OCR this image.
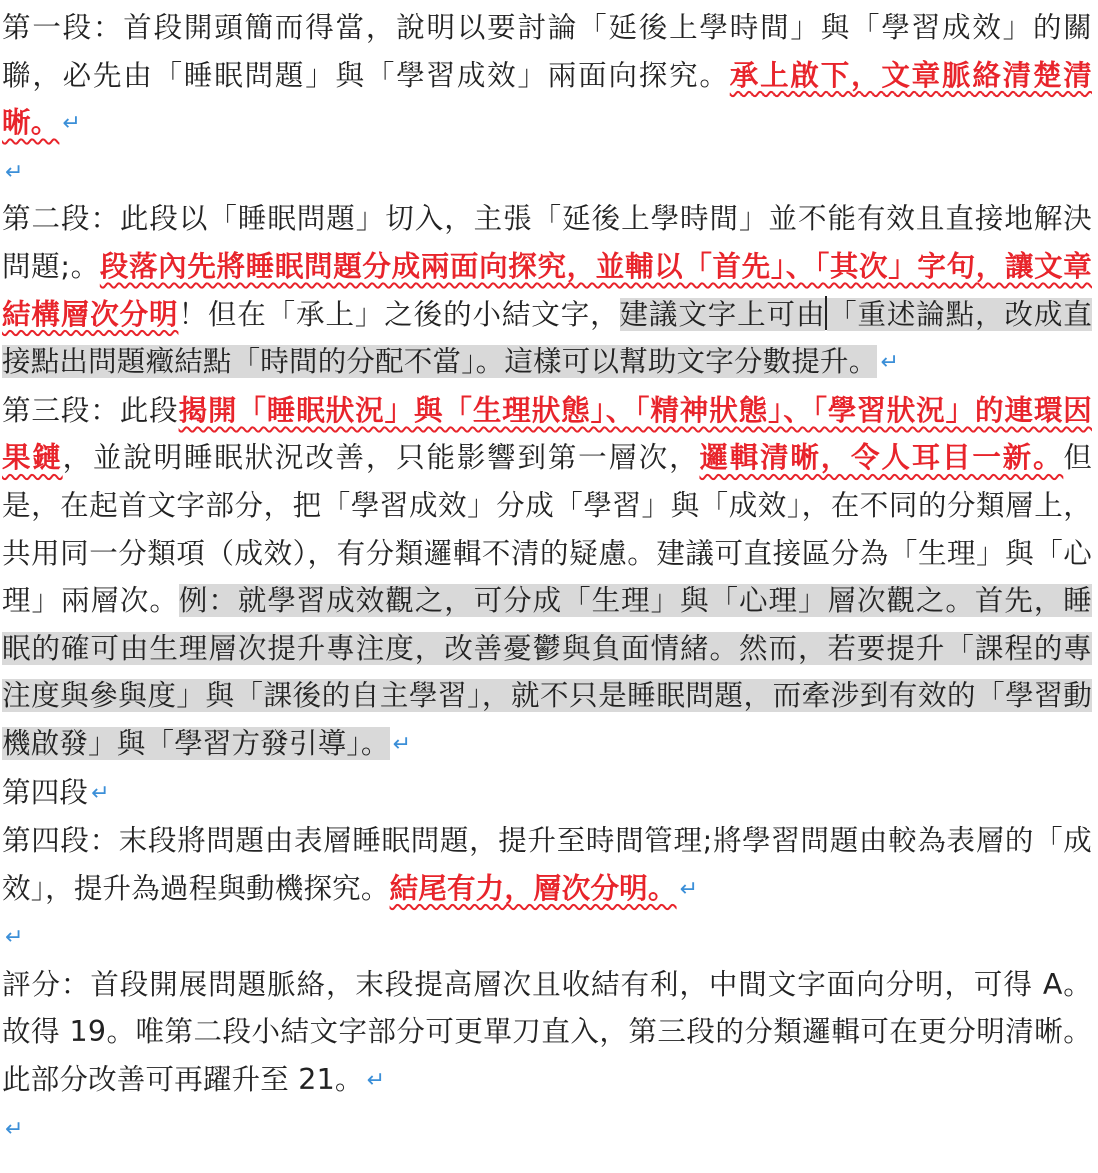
第一段：首段開頭簡而得當，說明以要討論「延後上學時間」與「學習成效」的關聯，必先由「睡眠問題」與「學習成效」兩面向探究。承上啟下，文章脈絡清楚清晰。 ↵

↵

第二段：此段以「睡眠問題」切入，主張「延後上學時間」並不能有效且直接地解決問題;。段落內先將睡眠問題分成兩面向探究，並輔以「首先」、「其次」字句，讓文章結構層次分明！但在「承上」之後的小結文字，建議文字上可由「重述論點，改成直接點出問題癥結點「時間的分配不當」。這樣可以幫助文字分數提升。 ↵

第三段：此段揭開「睡眠狀況」與「生理狀態」、「精神狀態」、「學習狀況」的連環因果鏈，並說明睡眠狀況改善，只能影響到第一層次，邏輯清晰，令人耳目一新。但是，在起首文字部分，把「學習成效」分成「學習」與「成效」，在不同的分類層上，共用同一分類項（成效），有分類邏輯不清的疑慮。建議可直接區分為「生理」與「心理」兩層次。例：就學習成效觀之，可分成「生理」與「心理」層次觀之。首先，睡眠的確可由生理層次提升專注度，改善憂鬱與負面情緒。然而，若要提升「課程的專注度與參與度」與「課後的自主學習」，就不只是睡眠問題，而牽涉到有效的「學習動機啟發」與「學習方發引導」。 ↵

第四段 ↵

第四段：末段將問題由表層睡眠問題，提升至時間管理;將學習問題由較為表層的「成效」，提升為過程與動機探究。結尾有力，層次分明。 ↵

↵

評分：首段開展問題脈絡，末段提高層次且收結有利，中間文字面向分明，可得 A。故得 19。唯第二段小結文字部分可更單刀直入，第三段的分類邏輯可在更分明清晰。此部分改善可再躍升至 21。 ↵

↵
